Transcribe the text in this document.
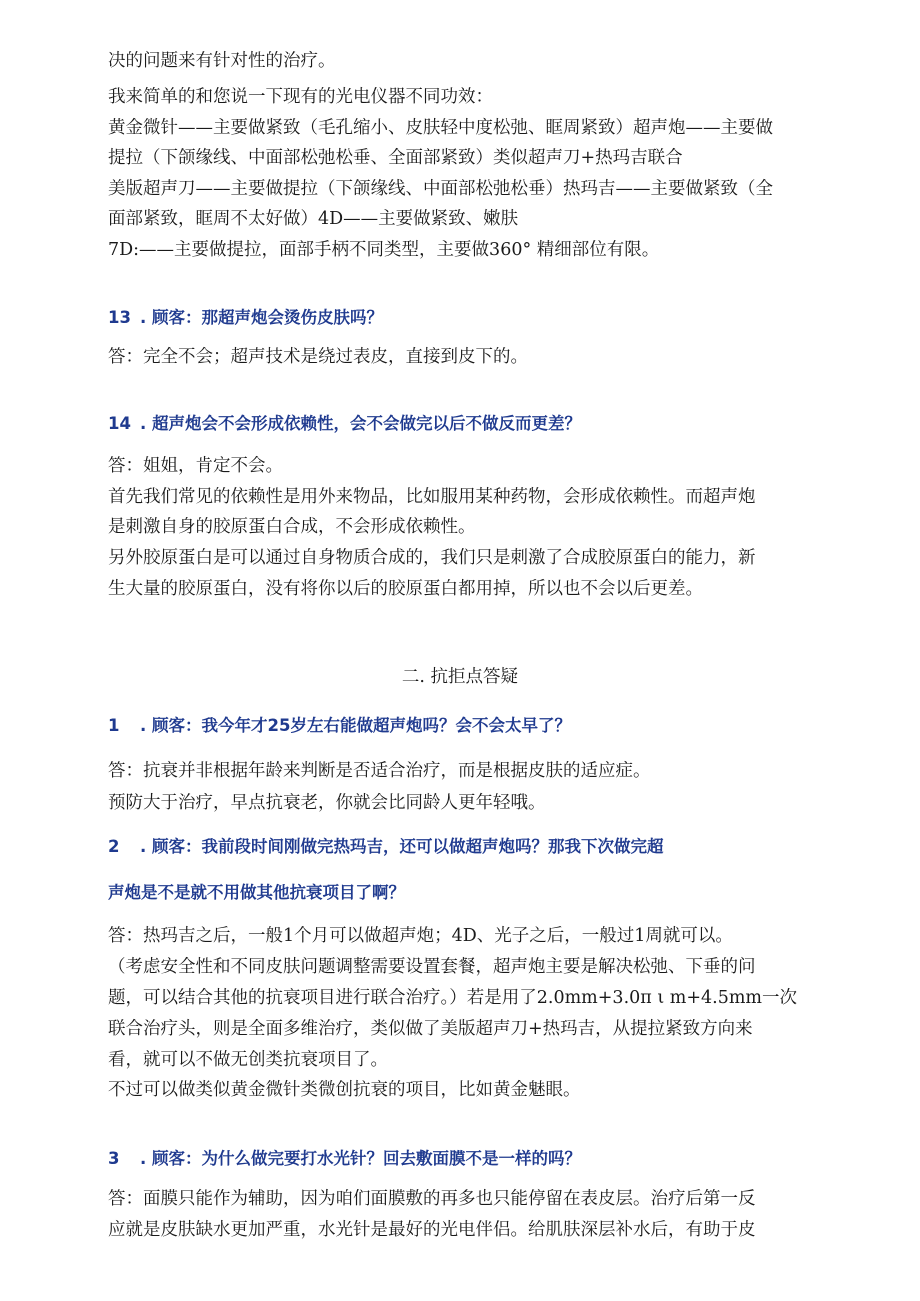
决的问题来有针对性的治疗。
我来简单的和您说一下现有的光电仪器不同功效：
黄金微针——主要做紧致（毛孔缩小、皮肤轻中度松弛、眶周紧致）超声炮——主要做
提拉（下颌缘线、中面部松弛松垂、全面部紧致）类似超声刀+热玛吉联合
美版超声刀——主要做提拉（下颌缘线、中面部松弛松垂）热玛吉——主要做紧致（全
面部紧致，眶周不太好做）4D——主要做紧致、嫩肤
7D:——主要做提拉，面部手柄不同类型，主要做360° 精细部位有限。
13 . 顾客：那超声炮会烫伤皮肤吗？
答：完全不会；超声技术是绕过表皮，直接到皮下的。
14 . 超声炮会不会形成依赖性，会不会做完以后不做反而更差？
答：姐姐，肯定不会。
首先我们常见的依赖性是用外来物品，比如服用某种药物，会形成依赖性。而超声炮
是刺激自身的胶原蛋白合成，不会形成依赖性。
另外胶原蛋白是可以通过自身物质合成的，我们只是刺激了合成胶原蛋白的能力，新
生大量的胶原蛋白，没有将你以后的胶原蛋白都用掉，所以也不会以后更差。
二. 抗拒点答疑
1 . 顾客：我今年才25岁左右能做超声炮吗？会不会太早了？
答：抗衰并非根据年龄来判断是否适合治疗，而是根据皮肤的适应症。
预防大于治疗，早点抗衰老，你就会比同龄人更年轻哦。
2 . 顾客：我前段时间刚做完热玛吉，还可以做超声炮吗？那我下次做完超
声炮是不是就不用做其他抗衰项目了啊？
答：热玛吉之后，一般1个月可以做超声炮；4D、光子之后，一般过1周就可以。
（考虑安全性和不同皮肤问题调整需要设置套餐，超声炮主要是解决松弛、下垂的问
题，可以结合其他的抗衰项目进行联合治疗。）若是用了2.0mm+3.0π ι m+4.5mm一次
联合治疗头，则是全面多维治疗，类似做了美版超声刀+热玛吉，从提拉紧致方向来
看，就可以不做无创类抗衰项目了。
不过可以做类似黄金微针类微创抗衰的项目，比如黄金魅眼。
3 . 顾客：为什么做完要打水光针？回去敷面膜不是一样的吗？
答：面膜只能作为辅助，因为咱们面膜敷的再多也只能停留在表皮层。治疗后第一反
应就是皮肤缺水更加严重，水光针是最好的光电伴侣。给肌肤深层补水后，有助于皮
